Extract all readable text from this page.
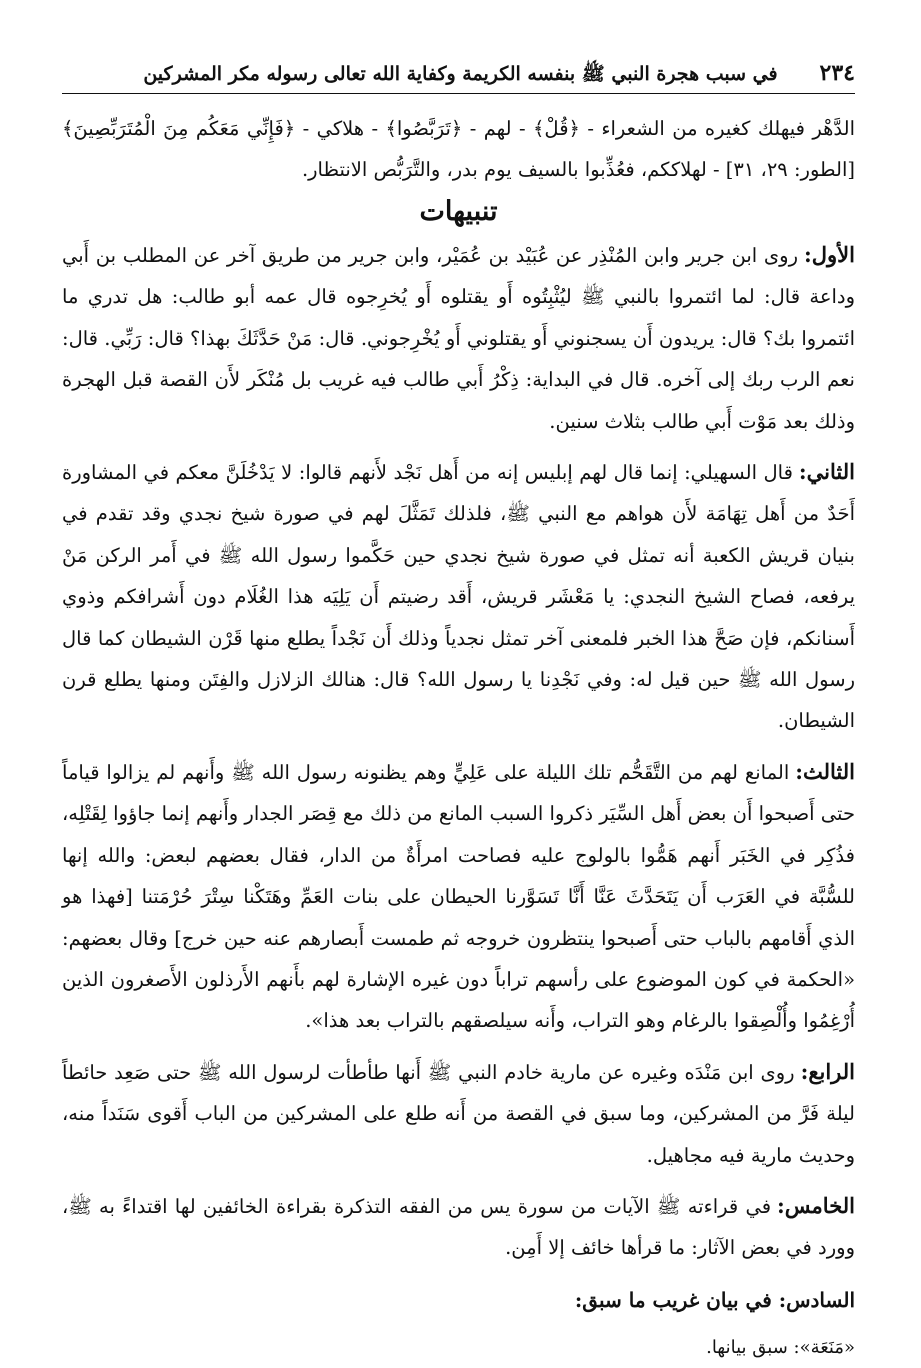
٢٣٤
في سبب هجرة النبي ﷺ بنفسه الكريمة وكفاية الله تعالى رسوله مكر المشركين

الدَّهْر فيهلك كغيره من الشعراء - ﴿قُلْ﴾ - لهم - ﴿تَرَبَّصُوا﴾ - هلاكي - ﴿فَإِنِّي مَعَكُم مِنَ الْمُتَرَبِّصِينَ﴾ [الطور: ٢٩، ٣١] - لهلاككم، فعُذِّبوا بالسيف يوم بدر، والتَّرَبُّص الانتظار.

تنبيهات

الأول:روى ابن جرير وابن المُنْذِر عن عُبَيْد بن عُمَيْر، وابن جرير من طريق آخر عن المطلب بن أَبي وداعة قال: لما ائتمروا بالنبي ﷺ ليُثْبِتُوه أَو يقتلوه أَو يُخرِجوه قال عمه أبو طالب: هل تدري ما ائتمروا بك؟ قال: يريدون أَن يسجنوني أَو يقتلوني أَو يُخْرِجوني. قال: مَنْ حَدَّثَكَ بهذا؟ قال: رَبِّي. قال: نعم الرب ربك إلى آخره. قال في البداية: ذِكْرُ أَبي طالب فيه غريب بل مُنْكَر لأَن القصة قبل الهجرة وذلك بعد مَوْت أَبي طالب بثلاث سنين.

الثاني:قال السهيلي: إنما قال لهم إبليس إنه من أَهل نَجْد لأَنهم قالوا: لا يَدْخُلَنَّ معكم في المشاورة أَحَدٌ من أَهل تِهَامَة لأَن هواهم مع النبي ﷺ، فلذلك تَمَثَّلَ لهم في صورة شيخ نجدي وقد تقدم في بنيان قريش الكعبة أنه تمثل في صورة شيخ نجدي حين حَكَّموا رسول الله ﷺ في أَمر الركن مَنْ يرفعه، فصاح الشيخ النجدي: يا مَعْشَر قريش، أَقد رضيتم أَن يَلِيَه هذا الغُلَام دون أَشرافكم وذوي أَسنانكم، فإن صَحَّ هذا الخبر فلمعنى آخر تمثل نجدياً وذلك أَن نَجْداً يطلع منها قَرْن الشيطان كما قال رسول الله ﷺ حين قيل له: وفي نَجْدِنا يا رسول الله؟ قال: هنالك الزلازل والفِتَن ومنها يطلع قرن الشيطان.

الثالث:المانع لهم من التَّقَحُّم تلك الليلة على عَلِيٍّ وهم يظنونه رسول الله ﷺ وأَنهم لم يزالوا قياماً حتى أَصبحوا أَن بعض أَهل السِّيَر ذكروا السبب المانع من ذلك مع قِصَر الجدار وأَنهم إنما جاؤوا لِقَتْلِه، فذُكِر في الخَبَر أَنهم هَمُّوا بالولوج عليه فصاحت امرأَةٌ من الدار، فقال بعضهم لبعض: والله إنها للسُّبَّة في العَرَب أَن يَتَحَدَّثَ عَنَّا أَنَّا تَسَوَّرنا الحيطان على بنات العَمِّ وهَتَكْنا سِتْرَ حُرْمَتنا [فهذا هو الذي أَقامهم بالباب حتى أَصبحوا ينتظرون خروجه ثم طمست أَبصارهم عنه حين خرج] وقال بعضهم: «الحكمة في كون الموضوع على رأسهم تراباً دون غيره الإشارة لهم بأَنهم الأَرذلون الأَصغرون الذين أُرْغِمُوا وأُلْصِقوا بالرغام وهو التراب، وأَنه سيلصقهم بالتراب بعد هذا».

الرابع:روى ابن مَنْدَه وغيره عن مارية خادم النبي ﷺ أَنها طأطأت لرسول الله ﷺ حتى صَعِد حائطاً ليلة فَرَّ من المشركين، وما سبق في القصة من أَنه طلع على المشركين من الباب أَقوى سَنَداً منه، وحديث مارية فيه مجاهيل.

الخامس:في قراءته ﷺ الآيات من سورة يس من الفقه التذكرة بقراءة الخائفين لها اقتداءً به ﷺ، وورد في بعض الآثار: ما قرأها خائف إلا أَمِن.

السادس: في بيان غريب ما سبق:

«مَنَعَة»: سبق بيانها.
